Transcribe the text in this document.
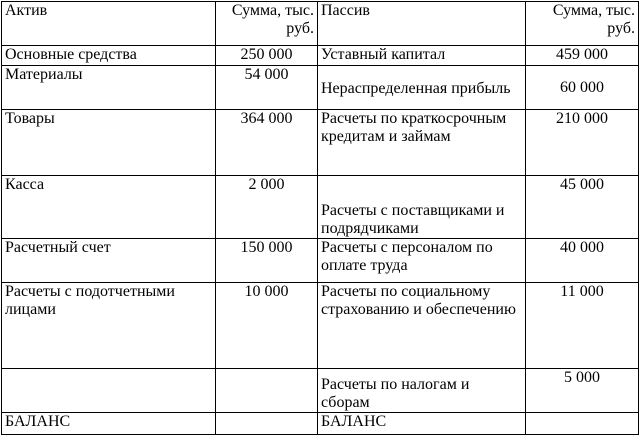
Актив	Сумма, тыс. руб.	Пассив	Сумма, тыс. руб.
Основные средства	250 000	Уставный капитал	459 000
Материалы	54 000	Нераспределенная прибыль	60 000
Товары	364 000	Расчеты по краткосрочным кредитам и займам	210 000
Касса	2 000	Расчеты с поставщиками и подрядчиками	45 000
Расчетный счет	150 000	Расчеты с персоналом по оплате труда	40 000
Расчеты с подотчетными лицами	10 000	Расчеты по социальному страхованию и обеспечению	11 000
		Расчеты по налогам и сборам	5 000
БАЛАНС		БАЛАНС	
